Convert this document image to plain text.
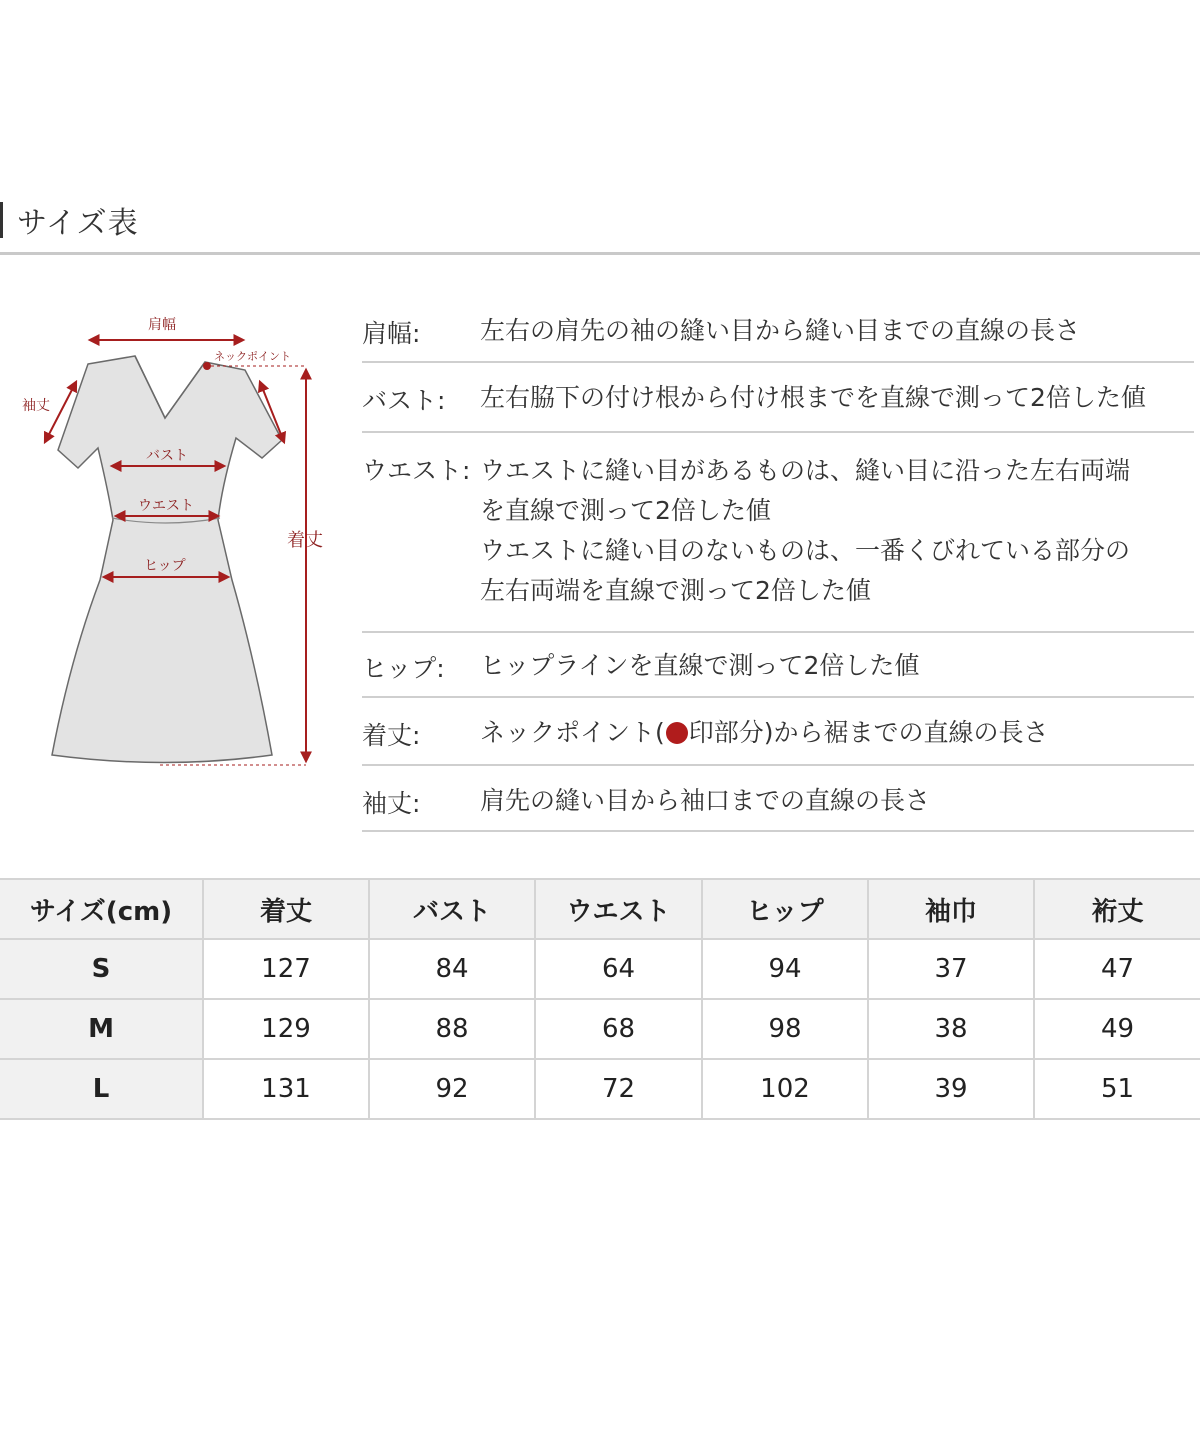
サイズ表
肩幅
ネックポイント
袖丈
バスト
ウエスト
ヒップ
着丈
肩幅:	左右の肩先の袖の縫い目から縫い目までの直線の長さ

バスト:	左右脇下の付け根から付け根までを直線で測って2倍した値

ウエスト: ウエストに縫い目があるものは、縫い目に沿った左右両端

を直線で測って2倍した値

ウエストに縫い目のないものは、一番くびれている部分の

左右両端を直線で測って2倍した値

ヒップ:	ヒップラインを直線で測って2倍した値

着丈:	ネックポイント( 印部分)から裾までの直線の長さ
袖丈:	肩先の縫い目から袖口までの直線の長さ

サイズ(cm)	着丈	バスト	ウエスト	ヒップ	袖巾	裄丈
S	127	84	64	94	37	47
M	129	88	68	98	38	49
L	131	92	72	102	39	51
